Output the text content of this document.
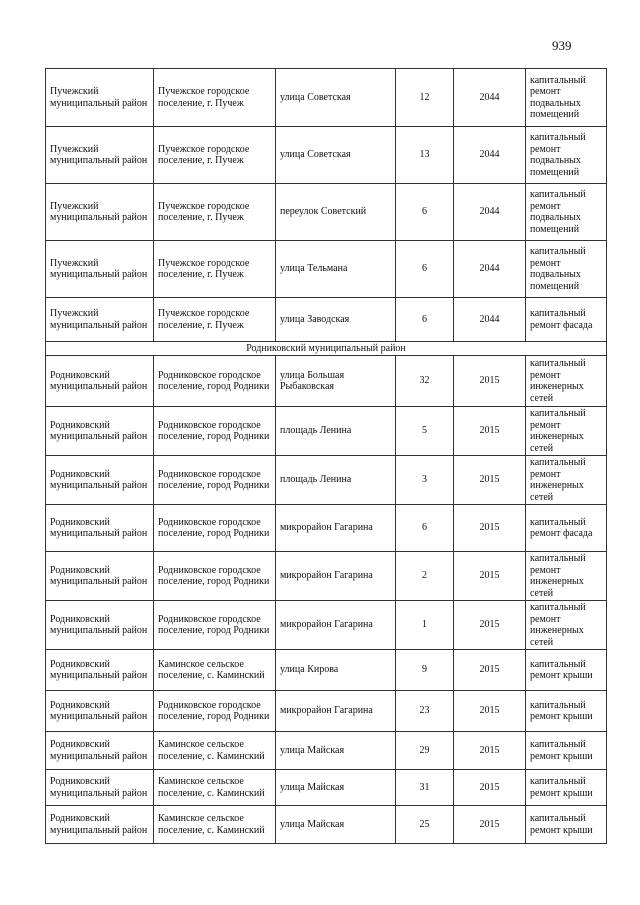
939
Пучежский муниципальный район	Пучежское городское поселение, г. Пучеж	улица Советская	12	2044	капитальный ремонт подвальных помещений
Пучежский муниципальный район	Пучежское городское поселение, г. Пучеж	улица Советская	13	2044	капитальный ремонт подвальных помещений
Пучежский муниципальный район	Пучежское городское поселение, г. Пучеж	переулок Советский	6	2044	капитальный ремонт подвальных помещений
Пучежский муниципальный район	Пучежское городское поселение, г. Пучеж	улица Тельмана	6	2044	капитальный ремонт подвальных помещений
Пучежский муниципальный район	Пучежское городское поселение, г. Пучеж	улица Заводская	6	2044	капитальный ремонт фасада
Родниковский муниципальный район					
Родниковский муниципальный район	Родниковское городское поселение, город Родники	улица Большая Рыбаковская	32	2015	капитальный ремонт инженерных сетей
Родниковский муниципальный район	Родниковское городское поселение, город Родники	площадь Ленина	5	2015	капитальный ремонт инженерных сетей
Родниковский муниципальный район	Родниковское городское поселение, город Родники	площадь Ленина	3	2015	капитальный ремонт инженерных сетей
Родниковский муниципальный район	Родниковское городское поселение, город Родники	микрорайон Гагарина	6	2015	капитальный ремонт фасада
Родниковский муниципальный район	Родниковское городское поселение, город Родники	микрорайон Гагарина	2	2015	капитальный ремонт инженерных сетей
Родниковский муниципальный район	Родниковское городское поселение, город Родники	микрорайон Гагарина	1	2015	капитальный ремонт инженерных сетей
Родниковский муниципальный район	Каминское сельское поселение, с. Каминский	улица Кирова	9	2015	капитальный ремонт крыши
Родниковский муниципальный район	Родниковское городское поселение, город Родники	микрорайон Гагарина	23	2015	капитальный ремонт крыши
Родниковский муниципальный район	Каминское сельское поселение, с. Каминский	улица Майская	29	2015	капитальный ремонт крыши
Родниковский муниципальный район	Каминское сельское поселение, с. Каминский	улица Майская	31	2015	капитальный ремонт крыши
Родниковский муниципальный район	Каминское сельское поселение, с. Каминский	улица Майская	25	2015	капитальный ремонт крыши
